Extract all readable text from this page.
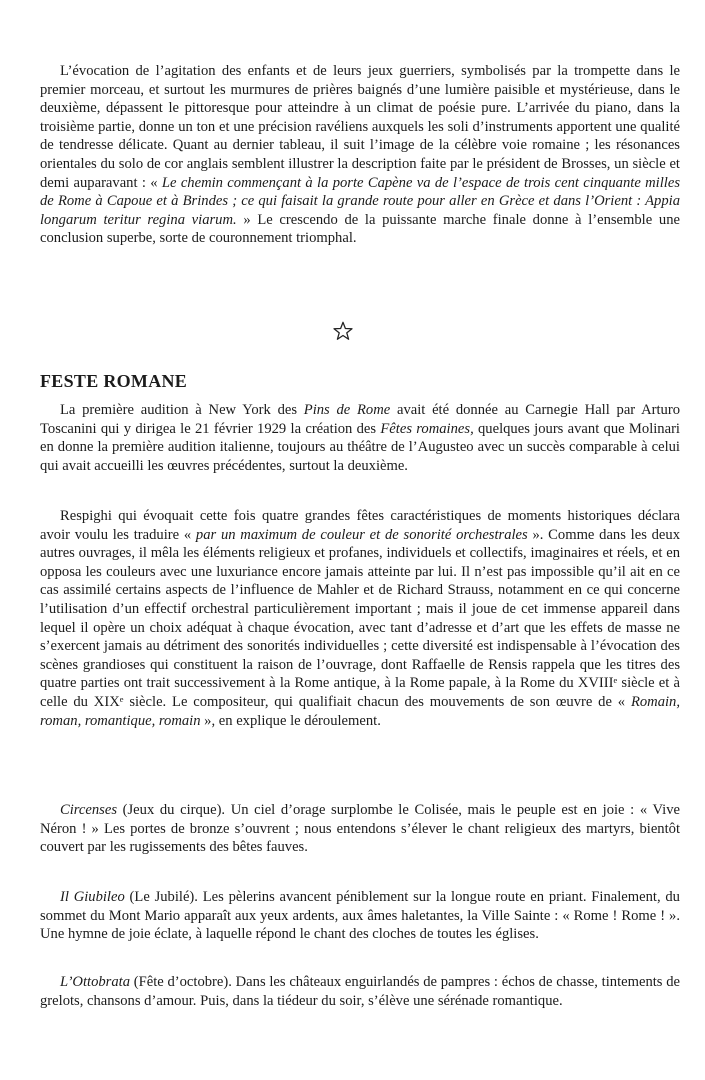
L’évocation de l’agitation des enfants et de leurs jeux guerriers, symbolisés par la trompette dans le premier morceau, et surtout les murmures de prières baignés d’une lumière paisible et mystérieuse, dans le deuxième, dépassent le pittoresque pour atteindre à un climat de poésie pure. L’arrivée du piano, dans la troisième partie, donne un ton et une précision ravéliens auxquels les soli d’instruments apportent une qualité de tendresse délicate. Quant au dernier tableau, il suit l’image de la célèbre voie romaine ; les résonances orientales du solo de cor anglais semblent illustrer la description faite par le président de Brosses, un siècle et demi auparavant : « Le chemin commençant à la porte Capène va de l’espace de trois cent cinquante milles de Rome à Capoue et à Brindes ; ce qui faisait la grande route pour aller en Grèce et dans l’Orient : Appia longarum teritur regina viarum. » Le crescendo de la puissante marche finale donne à l’ensemble une conclusion superbe, sorte de couronnement triomphal.

FESTE ROMANE

La première audition à New York des Pins de Rome avait été donnée au Carnegie Hall par Arturo Toscanini qui y dirigea le 21 février 1929 la création des Fêtes romaines, quelques jours avant que Molinari en donne la première audition italienne, toujours au théâtre de l’Augusteo avec un succès comparable à celui qui avait accueilli les œuvres précédentes, surtout la deuxième.

Respighi qui évoquait cette fois quatre grandes fêtes caractéristiques de moments historiques déclara avoir voulu les traduire « par un maximum de couleur et de sonorité orchestrales ». Comme dans les deux autres ouvrages, il mêla les éléments religieux et profanes, individuels et collectifs, imaginaires et réels, et en opposa les couleurs avec une luxuriance encore jamais atteinte par lui. Il n’est pas impossible qu’il ait en ce cas assimilé certains aspects de l’influence de Mahler et de Richard Strauss, notamment en ce qui concerne l’utilisation d’un effectif orchestral particulièrement important ; mais il joue de cet immense appareil dans lequel il opère un choix adéquat à chaque évocation, avec tant d’adresse et d’art que les effets de masse ne s’exercent jamais au détriment des sonorités individuelles ; cette diversité est indispensable à l’évocation des scènes grandioses qui constituent la raison de l’ouvrage, dont Raffaelle de Rensis rappela que les titres des quatre parties ont trait successivement à la Rome antique, à la Rome papale, à la Rome du XVIIIᵉ siècle et à celle du XIXᵉ siècle. Le compositeur, qui qualifiait chacun des mouvements de son œuvre de « Romain, roman, romantique, romain », en explique le déroulement.

Circenses (Jeux du cirque). Un ciel d’orage surplombe le Colisée, mais le peuple est en joie : « Vive Néron ! » Les portes de bronze s’ouvrent ; nous entendons s’élever le chant religieux des martyrs, bientôt couvert par les rugissements des bêtes fauves.

Il Giubileo (Le Jubilé). Les pèlerins avancent péniblement sur la longue route en priant. Finalement, du sommet du Mont Mario apparaît aux yeux ardents, aux âmes haletantes, la Ville Sainte : « Rome ! Rome ! ». Une hymne de joie éclate, à laquelle répond le chant des cloches de toutes les églises.

L’Ottobrata (Fête d’octobre). Dans les châteaux enguirlandés de pampres : échos de chasse, tintements de grelots, chansons d’amour. Puis, dans la tiédeur du soir, s’élève une sérénade romantique.
